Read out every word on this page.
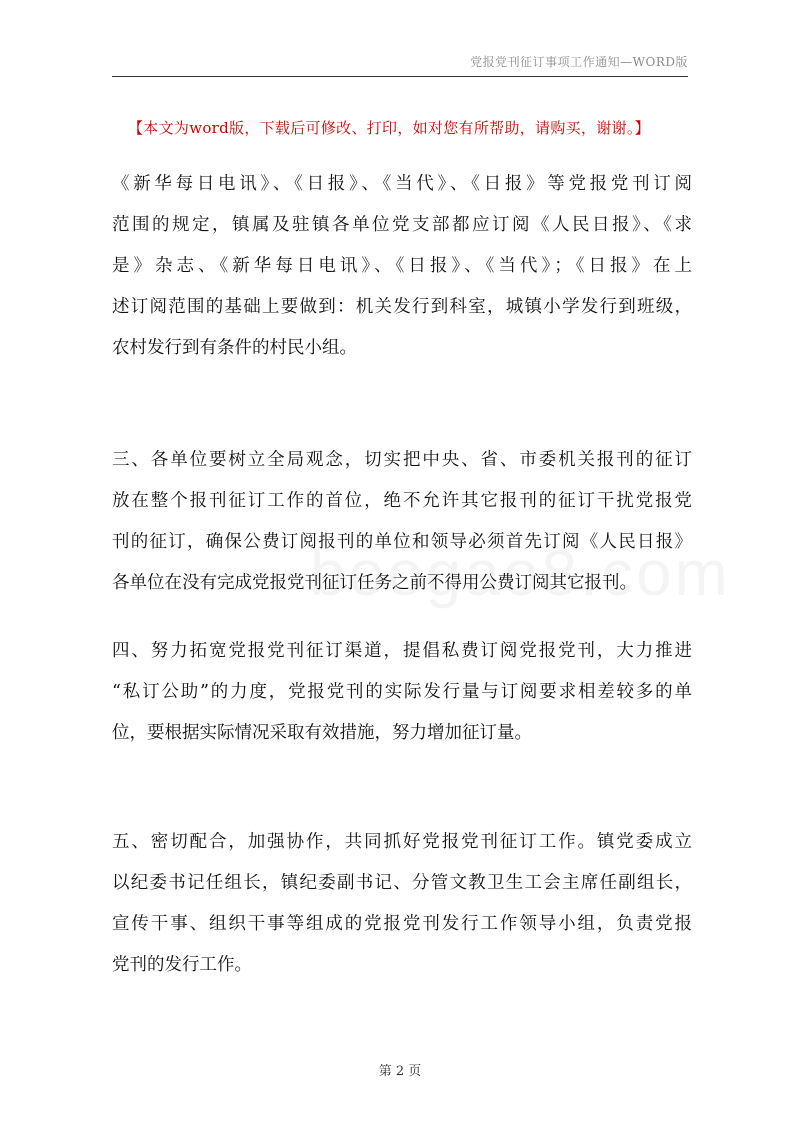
党报党刊征订事项工作通知—WORD版
【本文为word版，下载后可修改、打印，如对您有所帮助，请购买，谢谢。】
《新华每日电讯》、《日报》、《当代》、《日报》等党报党刊订阅
范围的规定，镇属及驻镇各单位党支部都应订阅《人民日报》、《求
是》杂志、《新华每日电讯》、《日报》、《当代》；《日报》在上
述订阅范围的基础上要做到：机关发行到科室，城镇小学发行到班级，
农村发行到有条件的村民小组。
三、各单位要树立全局观念，切实把中央、省、市委机关报刊的征订
放在整个报刊征订工作的首位，绝不允许其它报刊的征订干扰党报党
刊的征订，确保公费订阅报刊的单位和领导必须首先订阅《人民日报》
各单位在没有完成党报党刊征订任务之前不得用公费订阅其它报刊。
四、努力拓宽党报党刊征订渠道，提倡私费订阅党报党刊，大力推进
“私订公助”的力度，党报党刊的实际发行量与订阅要求相差较多的单
位，要根据实际情况采取有效措施，努力增加征订量。
五、密切配合，加强协作，共同抓好党报党刊征订工作。镇党委成立
以纪委书记任组长，镇纪委副书记、分管文教卫生工会主席任副组长，
宣传干事、组织干事等组成的党报党刊发行工作领导小组，负责党报
党刊的发行工作。
第 2 页
